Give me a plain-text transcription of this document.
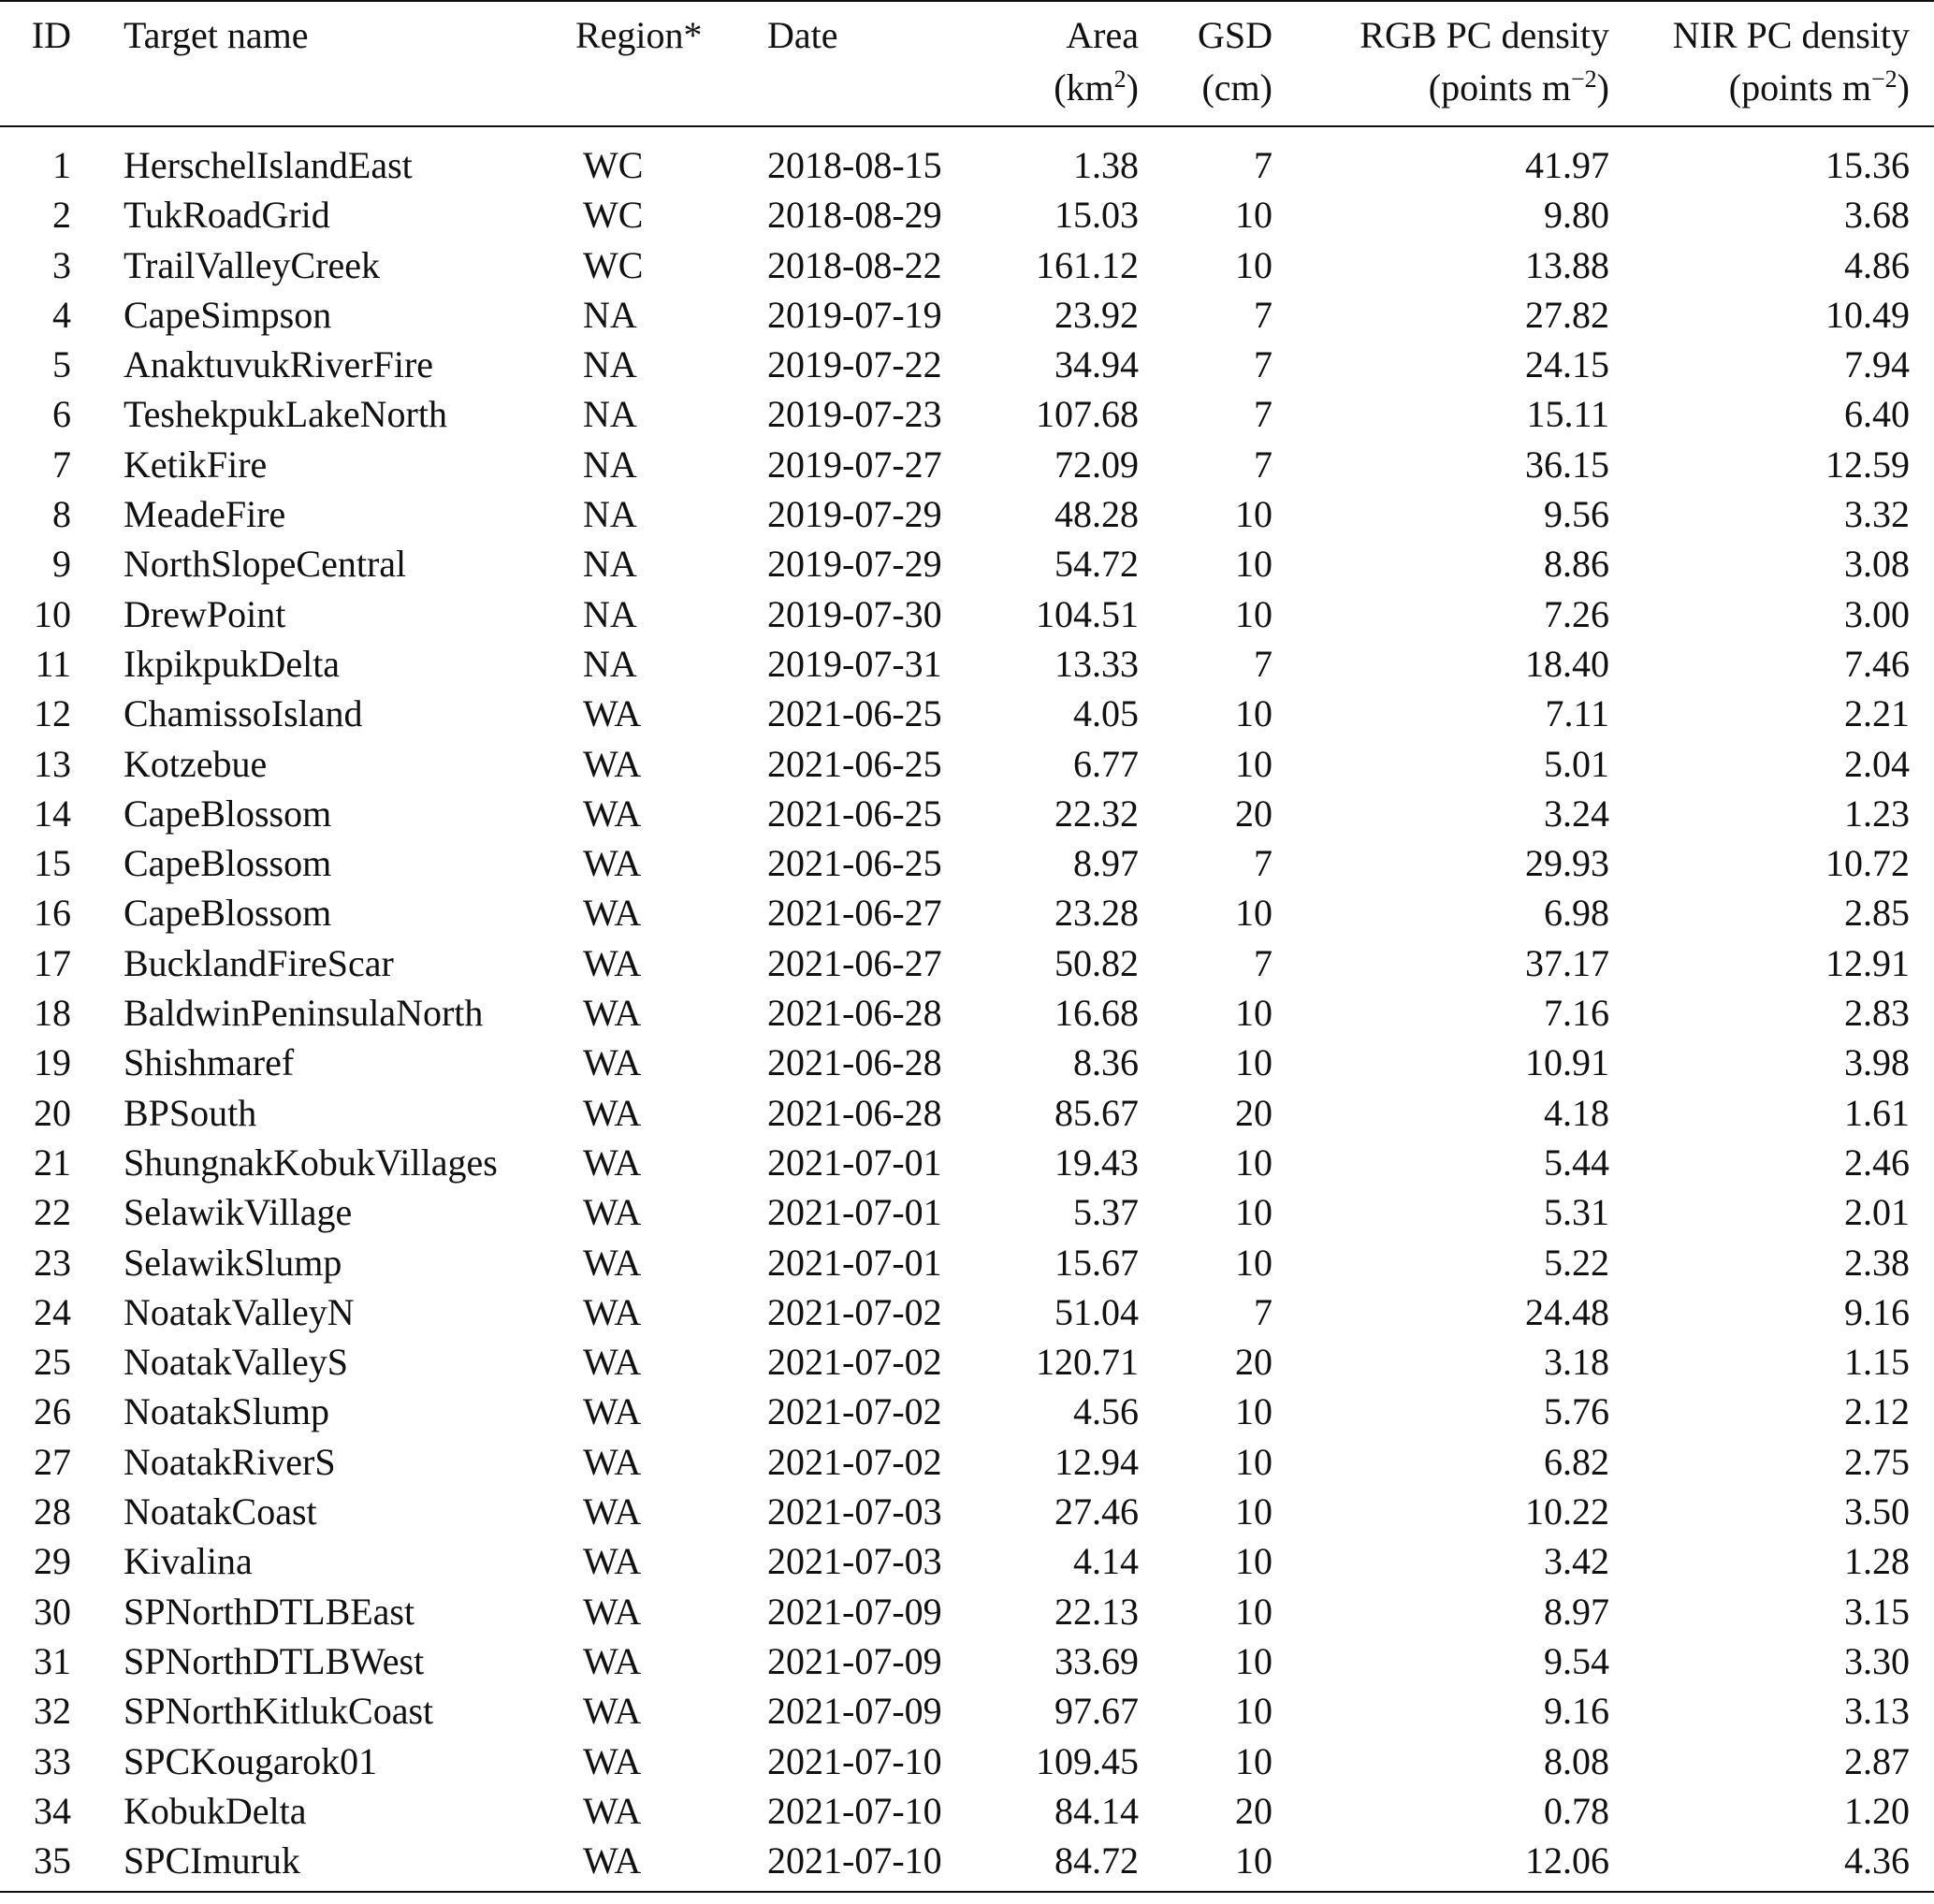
ID	Target name	Region*	Date	Area	GSD	RGB PC density	NIR PC density
				$(km^2)$	(cm)	(points $m^{-2}$)	(points $m^{-2}$)
1	HerschelIslandEast	WC	2018-08-15	1.38	7	41.97	15.36
2	TukRoadGrid	WC	2018-08-29	15.03	10	9.80	3.68
3	TrailValleyCreek	WC	2018-08-22	161.12	10	13.88	4.86
4	CapeSimpson	NA	2019-07-19	23.92	7	27.82	10.49
5	AnaktuvukRiverFire	NA	2019-07-22	34.94	7	24.15	7.94
6	TeshekpukLakeNorth	NA	2019-07-23	107.68	7	15.11	6.40
7	KetikFire	NA	2019-07-27	72.09	7	36.15	12.59
8	MeadeFire	NA	2019-07-29	48.28	10	9.56	3.32
9	NorthSlopeCentral	NA	2019-07-29	54.72	10	8.86	3.08
10	DrewPoint	NA	2019-07-30	104.51	10	7.26	3.00
11	IkpikpukDelta	NA	2019-07-31	13.33	7	18.40	7.46
12	ChamissoIsland	WA	2021-06-25	4.05	10	7.11	2.21
13	Kotzebue	WA	2021-06-25	6.77	10	5.01	2.04
14	CapeBlossom	WA	2021-06-25	22.32	20	3.24	1.23
15	CapeBlossom	WA	2021-06-25	8.97	7	29.93	10.72
16	CapeBlossom	WA	2021-06-27	23.28	10	6.98	2.85
17	BucklandFireScar	WA	2021-06-27	50.82	7	37.17	12.91
18	BaldwinPeninsulaNorth	WA	2021-06-28	16.68	10	7.16	2.83
19	Shishmaref	WA	2021-06-28	8.36	10	10.91	3.98
20	BPSouth	WA	2021-06-28	85.67	20	4.18	1.61
21	ShungnakKobukVillages	WA	2021-07-01	19.43	10	5.44	2.46
22	SelawikVillage	WA	2021-07-01	5.37	10	5.31	2.01
23	SelawikSlump	WA	2021-07-01	15.67	10	5.22	2.38
24	NoatakValleyN	WA	2021-07-02	51.04	7	24.48	9.16
25	NoatakValleyS	WA	2021-07-02	120.71	20	3.18	1.15
26	NoatakSlump	WA	2021-07-02	4.56	10	5.76	2.12
27	NoatakRiverS	WA	2021-07-02	12.94	10	6.82	2.75
28	NoatakCoast	WA	2021-07-03	27.46	10	10.22	3.50
29	Kivalina	WA	2021-07-03	4.14	10	3.42	1.28
30	SPNorthDTLBEast	WA	2021-07-09	22.13	10	8.97	3.15
31	SPNorthDTLBWest	WA	2021-07-09	33.69	10	9.54	3.30
32	SPNorthKitlukCoast	WA	2021-07-09	97.67	10	9.16	3.13
33	SPCKougarok01	WA	2021-07-10	109.45	10	8.08	2.87
34	KobukDelta	WA	2021-07-10	84.14	20	0.78	1.20
35	SPCImuruk	WA	2021-07-10	84.72	10	12.06	4.36
